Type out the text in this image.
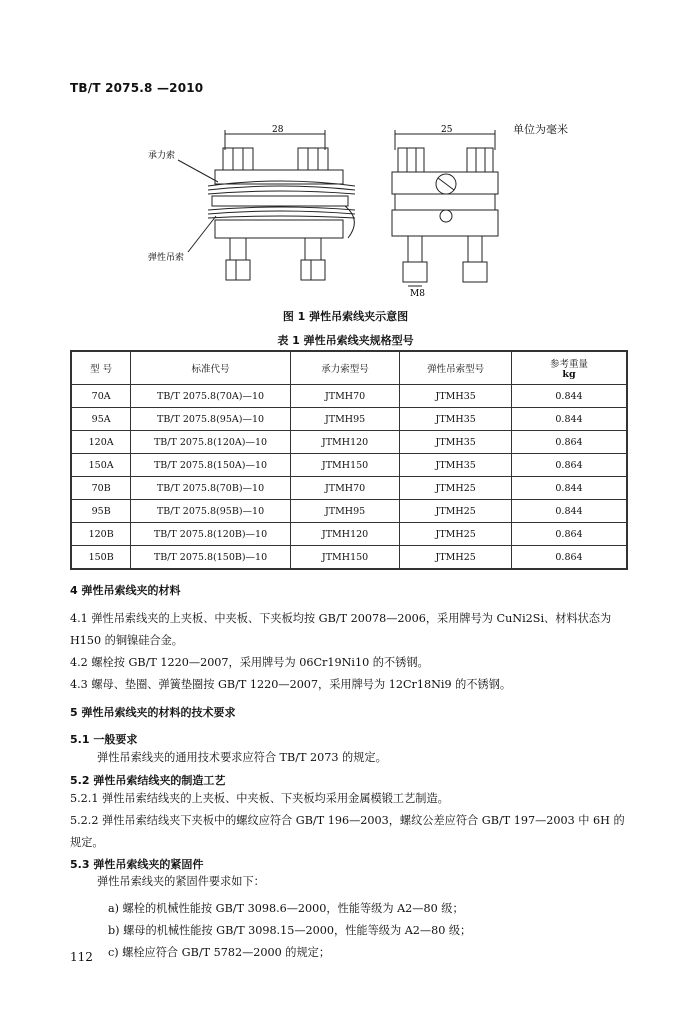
TB/T 2075.8 —2010
单位为毫米
28	25
承力索
弹性吊索
M8
图 1 弹性吊索线夹示意图
表 1 弹性吊索线夹规格型号
型 号	标准代号	承力索型号	弹性吊索型号	参考重量
kg

70A	TB/T 2075.8(70A)—10	JTMH70	JTMH35	0.844
95A	TB/T 2075.8(95A)—10	JTMH95	JTMH35	0.844
120A	TB/T 2075.8(120A)—10	JTMH120	JTMH35	0.864
150A	TB/T 2075.8(150A)—10	JTMH150	JTMH35	0.864
70B	TB/T 2075.8(70B)—10	JTMH70	JTMH25	0.844
95B	TB/T 2075.8(95B)—10	JTMH95	JTMH25	0.844
120B	TB/T 2075.8(120B)—10	JTMH120	JTMH25	0.864
150B	TB/T 2075.8(150B)—10	JTMH150	JTMH25	0.864
4 弹性吊索线夹的材料
4.1 弹性吊索线夹的上夹板、中夹板、下夹板均按 GB/T 20078—2006，采用牌号为 CuNi2Si、材料状态为 H150 的铜镍硅合金。
4.2 螺栓按 GB/T 1220—2007，采用牌号为 06Cr19Ni10 的不锈钢。
4.3 螺母、垫圈、弹簧垫圈按 GB/T 1220—2007，采用牌号为 12Cr18Ni9 的不锈钢。
5 弹性吊索线夹的材料的技术要求
5.1 一般要求
弹性吊索线夹的通用技术要求应符合 TB/T 2073 的规定。
5.2 弹性吊索结线夹的制造工艺
5.2.1 弹性吊索结线夹的上夹板、中夹板、下夹板均采用金属模锻工艺制造。
5.2.2 弹性吊索结线夹下夹板中的螺纹应符合 GB/T 196—2003，螺纹公差应符合 GB/T 197—2003 中 6H 的规定。
5.3 弹性吊索线夹的紧固件
弹性吊索线夹的紧固件要求如下：
a) 螺栓的机械性能按 GB/T 3098.6—2000，性能等级为 A2—80 级；
b) 螺母的机械性能按 GB/T 3098.15—2000，性能等级为 A2—80 级；
c) 螺栓应符合 GB/T 5782—2000 的规定；
112
